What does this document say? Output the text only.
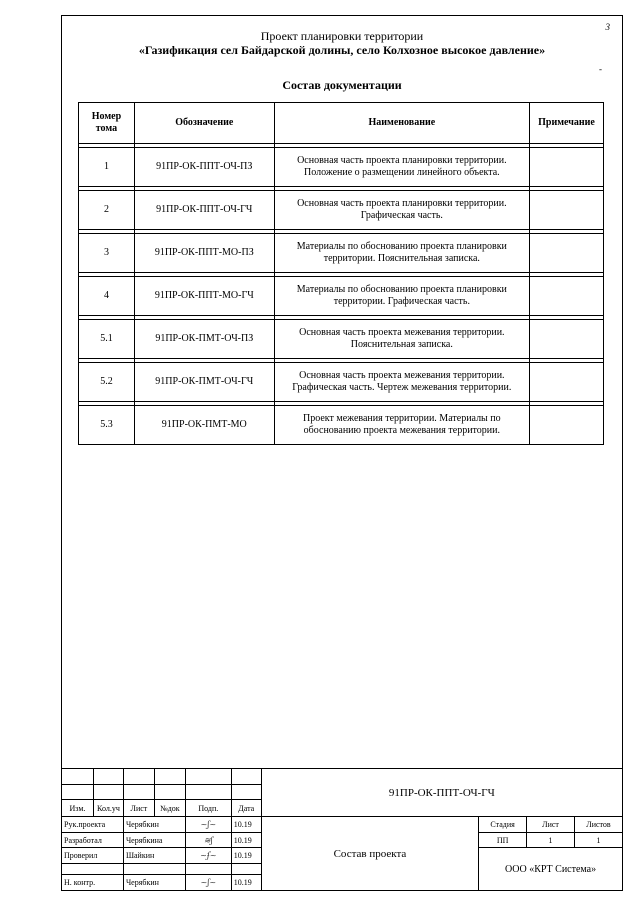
3
-
Проект планировки территории
«Газификация сел Байдарской долины, село Колхозное высокое давление»
Состав документации
Номер тома	Обозначение	Наименование	Примечание

1	91ПР-ОК-ППТ-ОЧ-ПЗ	Основная часть проекта планировки территории. Положение о размещении линейного объекта.	

2	91ПР-ОК-ППТ-ОЧ-ГЧ	Основная часть проекта планировки территории. Графическая часть.	

3	91ПР-ОК-ППТ-МО-ПЗ	Материалы по обоснованию проекта планировки территории. Пояснительная записка.	

4	91ПР-ОК-ППТ-МО-ГЧ	Материалы по обоснованию проекта планировки территории. Графическая часть.	

5.1	91ПР-ОК-ПМТ-ОЧ-ПЗ	Основная часть проекта межевания территории. Пояснительная записка.	

5.2	91ПР-ОК-ПМТ-ОЧ-ГЧ	Основная часть проекта межевания территории. Графическая часть. Чертеж межевания территории.	

5.3	91ПР-ОК-ПМТ-МО	Проект межевания территории. Материалы по обоснованию проекта межевания территории.	
						91ПР-ОК-ППТ-ОЧ-ГЧ			

Изм.	Кол.уч	Лист	№док	Подп.	Дата				
Рук.проекта		Черябкин		~ʃ~	10.19	Состав проекта	Стадия	Лист	Листов
Разработал		Черябкина		≋ʃ	10.19		ПП	1	1
Проверил		Шайкин		~ʄ~	10.19		ООО «КРТ Система»		

Н. контр.		Черябкин		~ʃ~	10.19				
